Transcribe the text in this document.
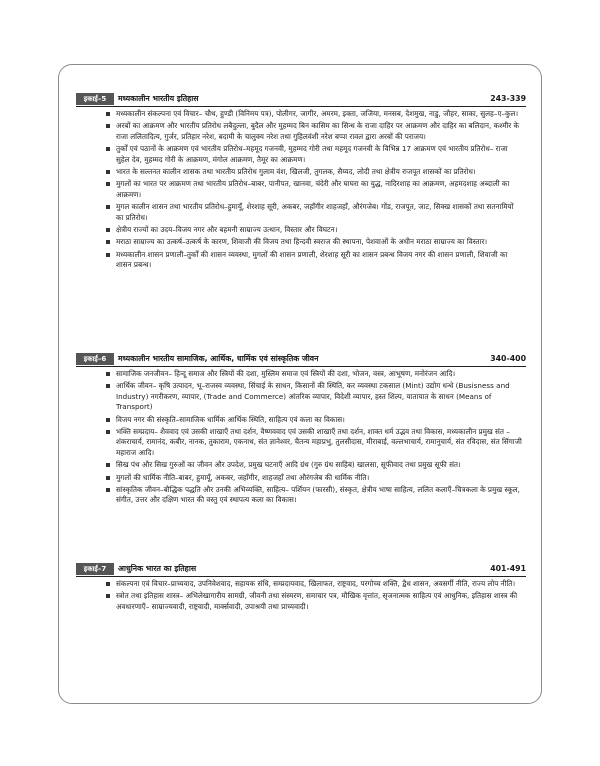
इकाई–5	मध्यकालीन भारतीय इतिहास	243-339
मध्यकालीन संकल्पना एवं विचार– चौथ, हुण्डी (विनिमय पत्र), पोलीगर, जागीर, अमरम, इक्ता, जजिया, मनसब, देशमुख, नाडु, जौहर, साका, सुलह–ए–कुल।
अरबों का आक्रमण और भारतीय प्रतिरोध लबैदुल्ला, बुदैल और मुहम्मद बिन कासिम का सिन्ध के राजा दाहिर पर आक्रमण और दाहिर का बलिदान, कश्मीर के राजा ललितादित्य, गुर्जर, प्रतिहार नरेश, बदामी के चालुक्य नरेश तथा गुहिलवंशी नरेश बप्पा रावल द्वारा अरबों की पराजय।
तुर्कों एवं पठानों के आक्रमण एवं भारतीय प्रतिरोध–महमूद गजनवी, मुहम्मद गोरी तथा महमूद गजनवी के विभिन्न 17 आक्रमण एवं भारतीय प्रतिरोध– राजा सुहेल देव, मुहम्मद गोरी के आक्रमण, मंगोल आक्रमण, तैमूर का आक्रमण।
भारत के सल्तनत कालीन शासक तथा भारतीय प्रतिरोध गुलाम वंश, खिलजी, तुगलक, सैय्यद, लोदी तथा क्षेत्रीय राजपूत शासकों का प्रतिरोध।
मुगलों का भारत पर आक्रमण तथा भारतीय प्रतिरोध–बाबर, पानीपत, खानवा, चंदेरी और घाघरा का युद्ध, नादिरशाह का आक्रमण, अहमदशाह अब्दाली का आक्रमण।
मुगल कालीन शासन तथा भारतीय प्रतिरोध–हुमायूँ, शेरशाह सूरी, अकबर, जहाँगीर शाहजहाँ, औरंगजेब। गोंड, राजपूत, जाट, सिक्ख शासकों तथा सतनामियों का प्रतिरोध।
क्षेत्रीय राज्यों का उदय–विजय नगर और बहमनी साम्राज्य उत्थान, विस्तार और विघटन।
मराठा साम्राज्य का उत्कर्ष–उत्कर्ष के कारण, शिवाजी की विजय तथा हिन्दवी स्वराज की स्थापना, पेशवाओं के अधीन मराठा साम्राज्य का विस्तार।
मध्यकालीन शासन प्रणाली–तुर्कों की शासन व्यवस्था, मुगलों की शासन प्रणाली, शेरशाह सूरी का शासन प्रबन्ध विजय नगर की शासन प्रणाली, शिवाजी का शासन प्रबन्ध।
इकाई–6	मध्यकालीन भारतीय सामाजिक, आर्थिक, धार्मिक एवं सांस्कृतिक जीवन	340-400
सामाजिक जनजीवन– हिन्दू समाज और स्त्रियों की दशा, मुस्लिम समाज एवं स्त्रियों की दशा, भोजन, वस्त्र, आभूषण, मनोरंजन आदि।
आर्थिक जीवन– कृषि उत्पादन, भू–राजस्व व्यवस्था, सिंचाई के साधन, किसानों की स्थिति, कर व्यवस्था टकसाल (Mint) उद्योग धन्धे (Busisness and Industry) नगरीकरण, व्यापार, (Trade and Commerce) आंतरिक व्यापार, विदेशी व्यापार, हस्त शिल्प, यातायात के साधन (Means of Transport)
विजय नगर की संस्कृति–सामाजिक धार्मिक आर्थिक स्थिति, साहित्य एवं कला का विकास।
भक्ति सम्प्रदाय– शैववाद एवं उसकी शाखाएँ तथा दर्शन, वैष्णववाद एवं उसकी शाखाएँ तथा दर्शन, शाक्त धर्म उद्भव तथा विकास, मध्यकालीन प्रमुख संत – शंकराचार्य, रामानंद, कबीर, नानक, तुकाराम, एकनाथ, संत ज्ञानेश्वर, चैतन्य महाप्रभु, तुलसीदास, मीराबाई, वल्लभाचार्य, रामानुचार्य, संत रविदास, संत सिंगाजी महाराज आदि।
सिख पंथ और सिख गुरुओं का जीवन और उपदेश, प्रमुख घटनाएँ आदि ग्रंथ (गुरु ग्रंथ साहिब) खालसा, सूफीवाद तथा प्रमुख सूफी संत।
मुगलों की धार्मिक नीति–बाबर, हुमायूँ, अकबर, जहाँगीर, शाहजहाँ तथा औरंगजेब की धार्मिक नीति।
सांस्कृतिक जीवन–बौद्धिक पद्धति और उनकी अभिव्यक्ति, साहित्य– पर्शियन (फारसी), संस्कृत, क्षेत्रीय भाषा साहित्य, ललित कलाएँ–चित्रकला के प्रमुख स्कूल, संगीत, उत्तर और दक्षिण भारत की वस्तु एवं स्थापत्य कला का विकास।
इकाई–7	आधुनिक भारत का इतिहास	401-491
संकल्पना एवं विचार–प्राच्यवाद, उपनिवेशवाद, सहायक संधि, सम्प्रदायवाद, खिलाफत, राष्ट्रवाद, परगोच्च शक्ति, द्वैध शासन, अवसर्गी नीति, राज्य लोप नीति।
स्त्रोत तथा इतिहास शास्त्र– अभिलेखागारीय सामग्री, जीवनी तथा संस्मरण, समाचार पत्र, मौखिक वृत्तांत, सृजनात्मक साहित्य एवं आधुनिक, इतिहास शास्त्र की अवधारणाएँ– साम्राज्यवादी, राष्ट्रवादी, मार्क्सवादी, उपाश्रयी तथा प्राच्यवादी।
